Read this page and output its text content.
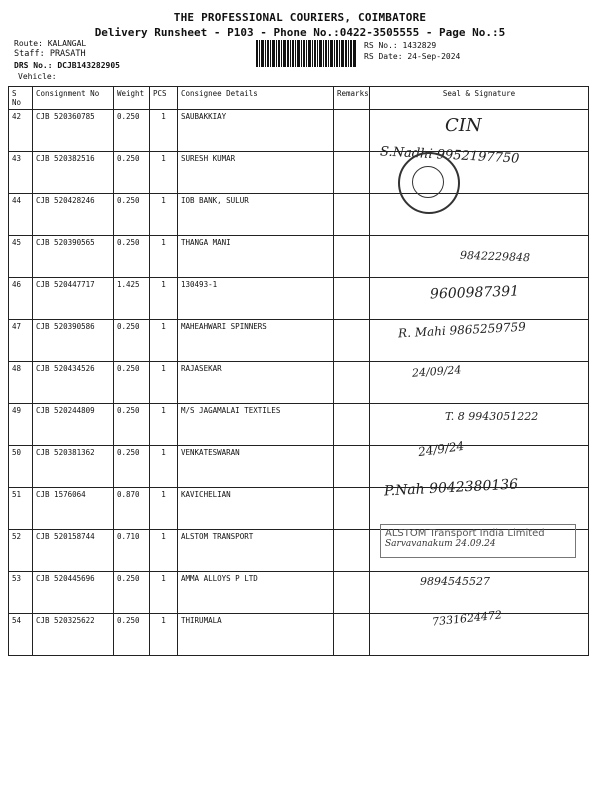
THE PROFESSIONAL COURIERS, COIMBATORE
Delivery Runsheet - P103 - Phone No.:0422-3505555 - Page No.:5
Route: KALANGAL
Staff: PRASATH
DRS No.: DCJB143282905
Vehicle:
RS No.: 1432829
RS Date: 24-Sep-2024
S No	Consignment No	Weight	PCS	Consignee Details	Remarks	Seal & Signature
42	CJB 520360785	0.250	1	SAUBAKKIAY		
43	CJB 520382516	0.250	1	SURESH KUMAR		
44	CJB 520428246	0.250	1	IOB BANK, SULUR		
45	CJB 520390565	0.250	1	THANGA MANI		
46	CJB 520447717	1.425	1	130493-1		
47	CJB 520390586	0.250	1	MAHEAHWARI SPINNERS		
48	CJB 520434526	0.250	1	RAJASEKAR		
49	CJB 520244809	0.250	1	M/S JAGAMALAI TEXTILES		
50	CJB 520381362	0.250	1	VENKATESWARAN		
51	CJB 1576064	0.870	1	KAVICHELIAN		
52	CJB 520158744	0.710	1	ALSTOM TRANSPORT		
53	CJB 520445696	0.250	1	AMMA ALLOYS P LTD		
54	CJB 520325622	0.250	1	THIRUMALA		
CIN
S.Nadhi 9952197750
9842229848
9600987391
R. Mahi 9865259759
24/09/24
T. 8 9943051222
24/9/24
P.Nah 9042380136
ALSTOM Transport India Limited
Sarvavanakum 24.09.24
9894545527
7331624472
